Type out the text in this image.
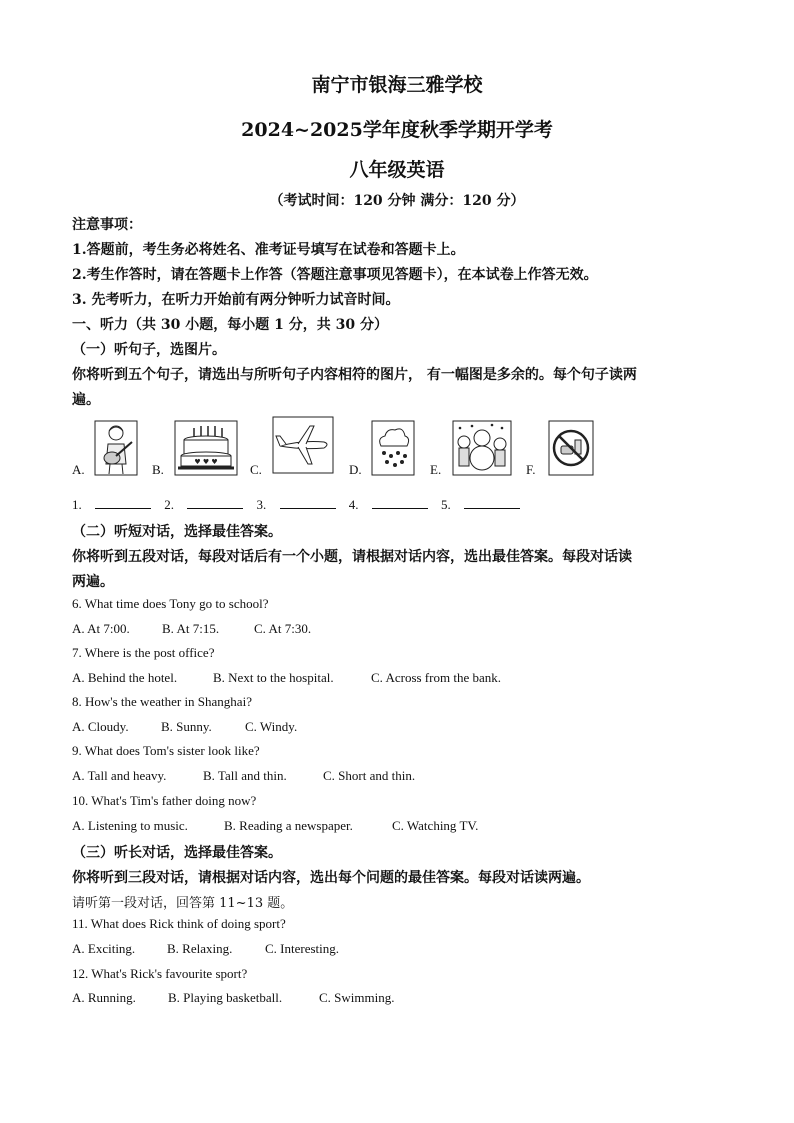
南宁市银海三雅学校
2024~2025学年度秋季学期开学考
八年级英语
（考试时间：120 分钟 满分：120 分）
注意事项：
1.答题前，考生务必将姓名、准考证号填写在试卷和答题卡上。
2.考生作答时，请在答题卡上作答（答题注意事项见答题卡），在本试卷上作答无效。
3. 先考听力，在听力开始前有两分钟听力试音时间。
一、听力（共 30 小题，每小题 1 分，共 30 分）
（一）听句子，选图片。
你将听到五个句子，请选出与所听句子内容相符的图片， 有一幅图是多余的。每个句子读两
遍。
A.	B.	♥ ♥ ♥ C.	D.	E.	F.
1.	2.	3.	4.	5.
（二）听短对话，选择最佳答案。
你将听到五段对话，每段对话后有一个小题，请根据对话内容，选出最佳答案。每段对话读
两遍。
6. What time does Tony go to school?
A. At 7:00. B. At 7:15.	C. At 7:30.
7. Where is the post office?
A. Behind the hotel.	B. Next to the hospital.	C. Across from the bank.
8. How's the weather in Shanghai?
A. Cloudy. B. Sunny.	C. Windy.
9. What does Tom's sister look like?
A. Tall and heavy.	B. Tall and thin.	C. Short and thin.
10. What's Tim's father doing now?
A. Listening to music.	B. Reading a newspaper.	C. Watching TV.
（三）听长对话，选择最佳答案。
你将听到三段对话，请根据对话内容，选出每个问题的最佳答案。每段对话读两遍。
请听第一段对话，回答第 11~13 题。
11. What does Rick think of doing sport?
A. Exciting. B. Relaxing.	C. Interesting.
12. What's Rick's favourite sport?
A. Running. B. Playing basketball.	C. Swimming.
